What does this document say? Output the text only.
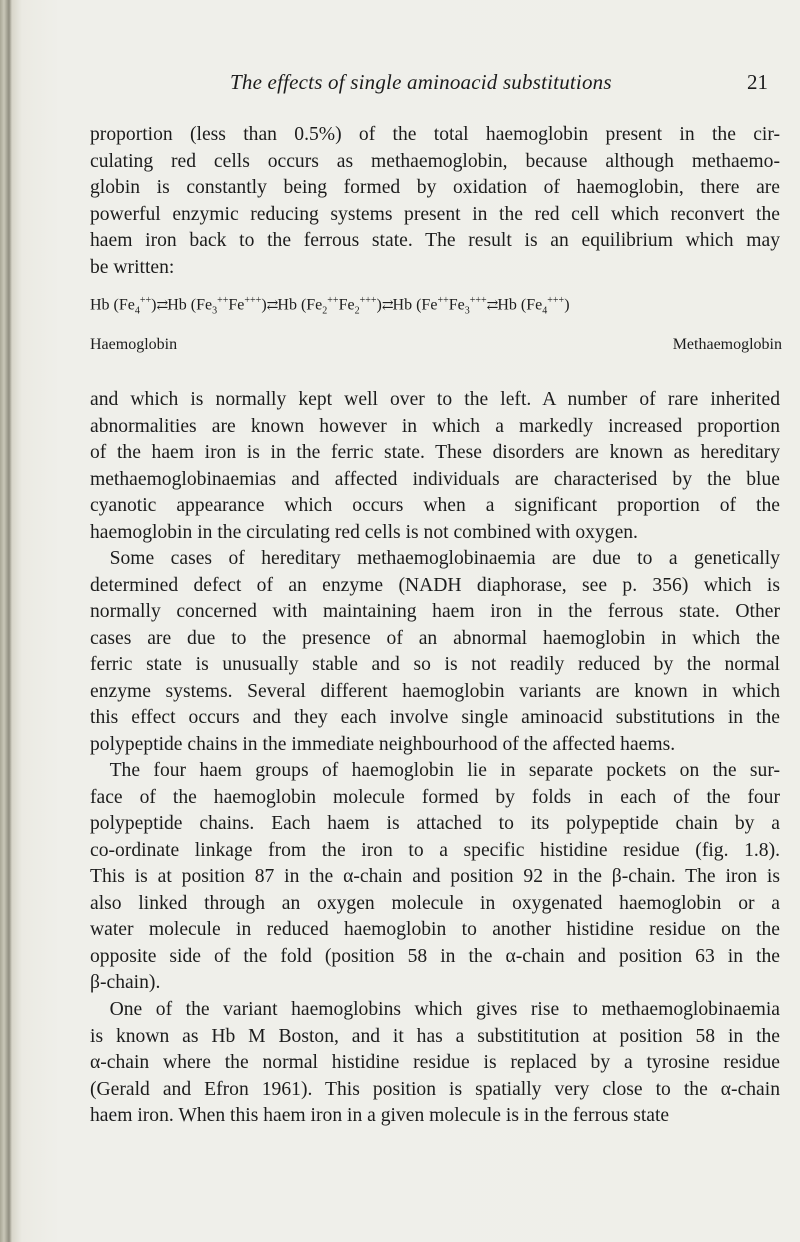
The effects of single aminoacid substitutions	21
proportion (less than 0.5%) of the total haemoglobin present in the cir-
culating red cells occurs as methaemoglobin, because although methaemo-
globin is constantly being formed by oxidation of haemoglobin, there are
powerful enzymic reducing systems present in the red cell which reconvert the
haem iron back to the ferrous state. The result is an equilibrium which may
be written:
Hb $(Fe_4^{++})⇄Hb$ $(Fe_3^{++}Fe^{+++})⇄Hb$ $(Fe_2^{++}Fe_2^{+++})⇄Hb$ ($Fe^{++}Fe_3^{+++}⇄Hb$ $(Fe_4^{+++})$
Haemoglobin	Methaemoglobin
and which is normally kept well over to the left. A number of rare inherited
abnormalities are known however in which a markedly increased proportion
of the haem iron is in the ferric state. These disorders are known as hereditary
methaemoglobinaemias and affected individuals are characterised by the blue
cyanotic appearance which occurs when a significant proportion of the
haemoglobin in the circulating red cells is not combined with oxygen.
 Some cases of hereditary methaemoglobinaemia are due to a genetically
determined defect of an enzyme (NADH diaphorase, see p. 356) which is
normally concerned with maintaining haem iron in the ferrous state. Other
cases are due to the presence of an abnormal haemoglobin in which the
ferric state is unusually stable and so is not readily reduced by the normal
enzyme systems. Several different haemoglobin variants are known in which
this effect occurs and they each involve single aminoacid substitutions in the
polypeptide chains in the immediate neighbourhood of the affected haems.
 The four haem groups of haemoglobin lie in separate pockets on the sur-
face of the haemoglobin molecule formed by folds in each of the four
polypeptide chains. Each haem is attached to its polypeptide chain by a
co-ordinate linkage from the iron to a specific histidine residue (fig. 1.8).
This is at position 87 in the α-chain and position 92 in the β-chain. The iron is
also linked through an oxygen molecule in oxygenated haemoglobin or a
water molecule in reduced haemoglobin to another histidine residue on the
opposite side of the fold (position 58 in the α-chain and position 63 in the
β-chain).
 One of the variant haemoglobins which gives rise to methaemoglobinaemia
is known as Hb M Boston, and it has a substititution at position 58 in the
α-chain where the normal histidine residue is replaced by a tyrosine residue
(Gerald and Efron 1961). This position is spatially very close to the α-chain
haem iron. When this haem iron in a given molecule is in the ferrous state
